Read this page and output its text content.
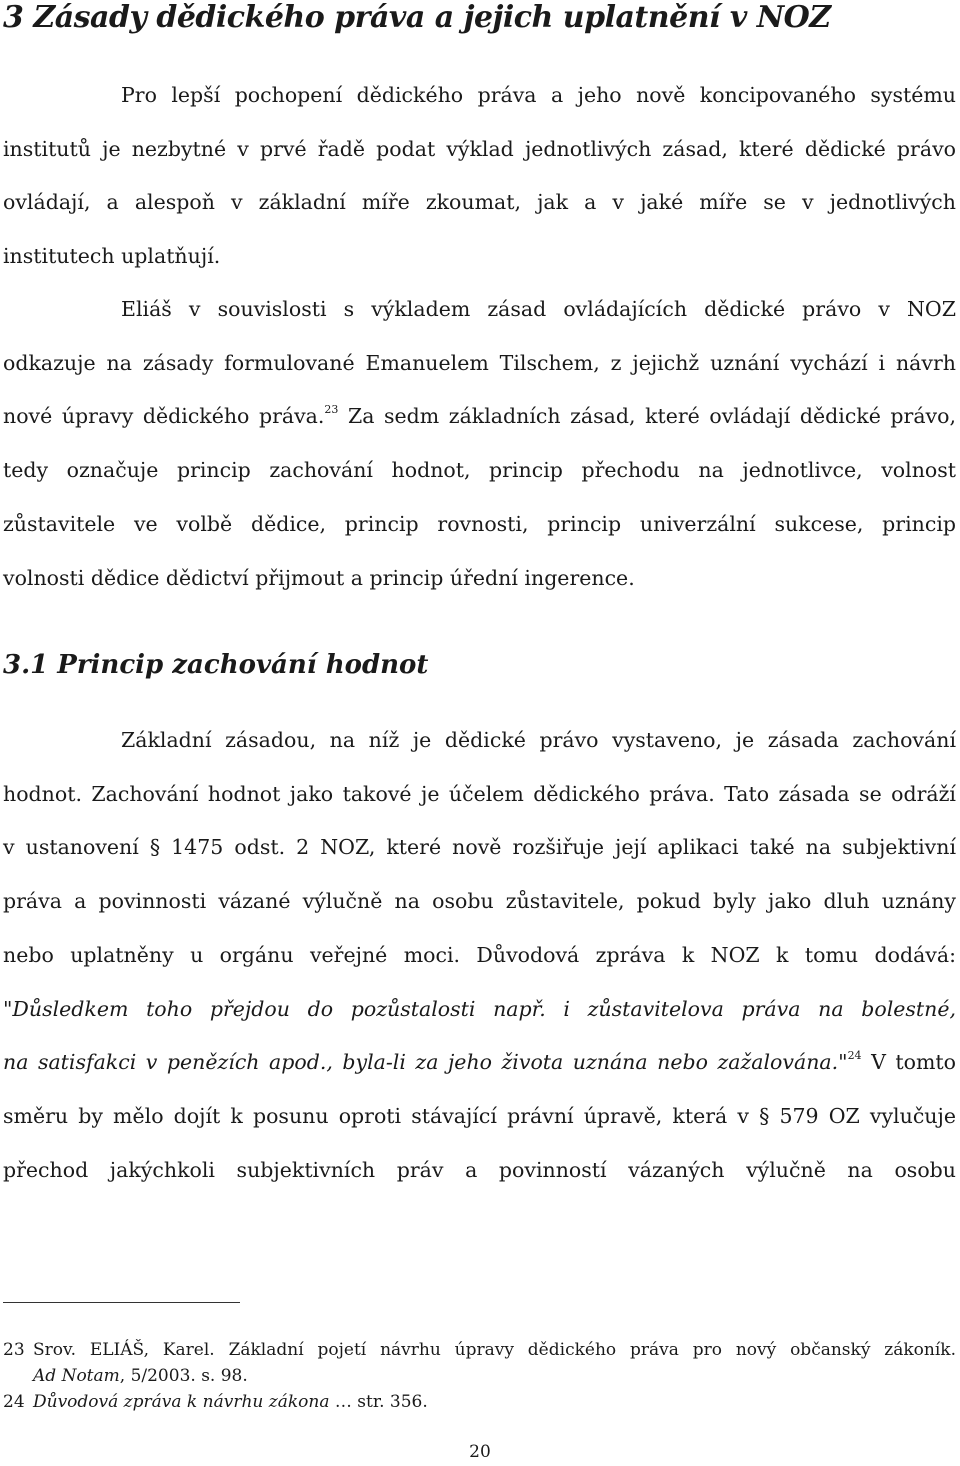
3 Zásady dědického práva a jejich uplatnění v NOZ
Pro lepší pochopení dědického práva a jeho nově koncipovaného systému
institutů je nezbytné v prvé řadě podat výklad jednotlivých zásad, které dědické právo
ovládají, a alespoň v základní míře zkoumat, jak a v jaké míře se v jednotlivých
institutech uplatňují.
Eliáš v souvislosti s výkladem zásad ovládajících dědické právo v NOZ
odkazuje na zásady formulované Emanuelem Tilschem, z jejichž uznání vychází i návrh
nové úpravy dědického práva.$^{23}$ Za sedm základních zásad, které ovládají dědické právo,
tedy označuje princip zachování hodnot, princip přechodu na jednotlivce, volnost
zůstavitele ve volbě dědice, princip rovnosti, princip univerzální sukcese, princip
volnosti dědice dědictví přijmout a princip úřední ingerence.
3.1 Princip zachování hodnot
Základní zásadou, na níž je dědické právo vystaveno, je zásada zachování
hodnot. Zachování hodnot jako takové je účelem dědického práva. Tato zásada se odráží
v ustanovení § 1475 odst. 2 NOZ, které nově rozšiřuje její aplikaci také na subjektivní
práva a povinnosti vázané výlučně na osobu zůstavitele, pokud byly jako dluh uznány
nebo uplatněny u orgánu veřejné moci. Důvodová zpráva k NOZ k tomu dodává:
"Důsledkem toho přejdou do pozůstalosti např. i zůstavitelova práva na bolestné,
na satisfakci v penězích apod., byla-li za jeho života uznána nebo zažalována."$^{24}$ V tomto
směru by mělo dojít k posunu oproti stávající právní úpravě, která v § 579 OZ vylučuje
přechod jakýchkoli subjektivních práv a povinností vázaných výlučně na osobu
23 Srov. ELIÁŠ, Karel. Základní pojetí návrhu úpravy dědického práva pro nový občanský zákoník.
Ad Notam, 5/2003. s. 98.
24 Důvodová zpráva k návrhu zákona … str. 356.
20
